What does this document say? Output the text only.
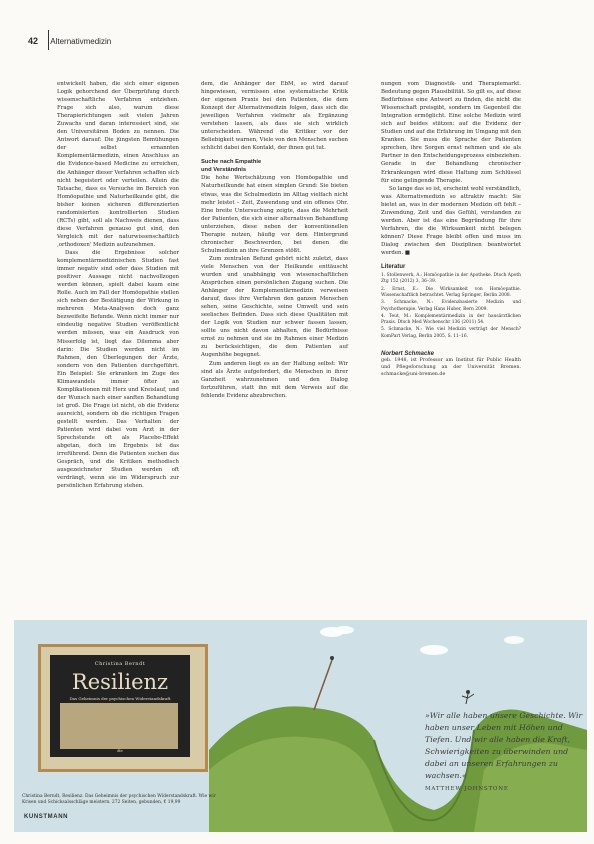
42 Alternativmedizin

entwickelt haben, die sich einer eigenen Logik gehorchend der Überprüfung durch wissenschaftliche Verfahren entziehen. Frage sich also, warum diese Therapierichtungen seit vielen Jahren Zuwachs und daran interessiert sind, sie den Universitären Boden zu nennen. Die Antwort darauf: Die jüngsten Bemühungen der selbst ernannten Komplementärmedizin, einen Anschluss an die Evidence-based Medicine zu erreichen, die Anhänger dieser Verfahren schaffen sich nicht begeistert oder verteilen. Allein die Tatsache, dass es Versuche im Bereich von Homöopathie und Naturheilkunde gibt, die bisher keinen sicheren differenzierten randomisierten kontrollierten Studien (RCTs) gibt, soll als Nachweis dienen, dass diese Verfahren genauso gut sind, den Vergleich mit der naturwissenschaftlich ‚orthodoxen' Medizin aufzunehmen.

Dass die Ergebnisse solcher komplementärmedizinischen Studien fast immer negativ sind oder dass Studien mit positiver Aussage nicht nachvollzogen werden können, spielt dabei kaum eine Rolle. Auch im Fall der Homöopathie stellen sich neben der Bestätigung der Wirkung in mehreren Meta-Analysen doch ganz bezweifelte Befunde. Wenn nicht immer nur eindeutig negative Studien veröffentlicht werden müssen, was ein Ausdruck von Misserfolg ist, liegt das Dilemma aber darin: Die Studien werden nicht im Rahmen, den Überlegungen der Ärzte, sondern von den Patienten durchgeführt. Ein Beispiel: Sie erkranken im Zuge des Klimawandels immer öfter an Komplikationen mit Herz und Kreislauf, und der Wunsch nach einer sanften Behandlung ist groß. Die Frage ist nicht, ob die Evidenz ausreicht, sondern ob die richtigen Fragen gestellt werden. Das Verhalten der Patienten wird dabei vom Arzt in der Sprechstunde oft als Placebo-Effekt abgetan, doch im Ergebnis ist das irreführend. Denn die Patienten suchen das Gespräch, und die Kritiken methodisch ausgezeichneter Studien werden oft verdrängt, wenn sie im Widerspruch zur persönlichen Erfahrung stehen.

dem, die Anhänger der EbM, so wird darauf hingewiesen, vermissen eine systematische Kritik der eigenen Praxis bei den Patienten, die dem Konzept der Alternativmedizin folgen, dass sich die jeweiligen Verfahren vielmehr als Ergänzung verstehen lassen, als dass sie sich wirklich unterscheiden. Während die Kritiker vor der Beliebigkeit warnen, Viele von den Menschen suchen schlicht dabei den Kontakt, der ihnen gut tut.

Suche nach Empathie

und Verständnis

Die hohe Wertschätzung von Homöopathie und Naturheilkunde hat einen simplen Grund: Sie bieten etwas, was die Schulmedizin im Alltag vielfach nicht mehr leistet – Zeit, Zuwendung und ein offenes Ohr. Eine breite Untersuchung zeigte, dass die Mehrheit der Patienten, die sich einer alternativen Behandlung unterziehen, diese neben der konventionellen Therapie nutzen, häufig vor dem Hintergrund chronischer Beschwerden, bei denen die Schulmedizin an ihre Grenzen stößt.

Zum zentralen Befund gehört nicht zuletzt, dass viele Menschen von der Heilkunde enttäuscht wurden und unabhängig von wissenschaftlichen Ansprüchen einen persönlichen Zugang suchen. Die Anhänger der Komplementärmedizin verweisen darauf, dass ihre Verfahren den ganzen Menschen sehen, seine Geschichte, seine Umwelt und sein seelisches Befinden. Dass sich diese Qualitäten mit der Logik von Studien nur schwer fassen lassen, sollte uns nicht davon abhalten, die Bedürfnisse ernst zu nehmen und sie im Rahmen einer Medizin zu berücksichtigen, die dem Patienten auf Augenhöhe begegnet.

Zum anderen liegt es an der Haltung selbst: Wir sind als Ärzte aufgefordert, die Menschen in ihrer Ganzheit wahrzunehmen und den Dialog fortzuführen, statt ihn mit dem Verweis auf die fehlende Evidenz abzubrechen.

nungen vom Diagnostik- und Therapiemarkt. Bedeutung gegen Plausibilität. So gilt es, auf diese Bedürfnisse eine Antwort zu finden, die nicht die Wissenschaft preisgibt, sondern im Gegenteil die Integration ermöglicht. Eine solche Medizin wird sich auf beides stützen: auf die Evidenz der Studien und auf die Erfahrung im Umgang mit den Kranken. Sie muss die Sprache der Patienten sprechen, ihre Sorgen ernst nehmen und sie als Partner in den Entscheidungsprozess einbeziehen. Gerade in der Behandlung chronischer Erkrankungen wird diese Haltung zum Schlüssel für eine gelingende Therapie.

So lange das so ist, erscheint wohl verständlich, was Alternativmedizin so attraktiv macht: Sie bietet an, was in der modernen Medizin oft fehlt – Zuwendung, Zeit und das Gefühl, verstanden zu werden. Aber ist das eine Begründung für ihre Verfahren, die die Wirksamkeit nicht belegen können? Diese Frage bleibt offen und muss im Dialog zwischen den Disziplinen beantwortet werden. ■

Literatur

1. Stollenwerk, A.: Homöopathie in der Apotheke. Dtsch Apoth Ztg 152 (2012) 3, 36–39.
2. Ernst, E.: Die Wirksamkeit von Homöopathie. Wissenschaftlich betrachtet. Verlag Springer, Berlin 2008.
3. Schmacke, N.: Evidenzbasierte Medizin und Psychotherapie. Verlag Hans Huber, Bern 2009.
4. Teut, M.: Komplementärmedizin in der hausärztlichen Praxis. Dtsch Med Wochenschr 136 (2011) 54.
5. Schmacke, N.: Wie viel Medizin verträgt der Mensch? KomPart Verlag, Berlin 2005, S. 11–16.

Norbert Schmacke

geb. 1948, ist Professor am Institut für Public Health und Pflegeforschung an der Universität Bremen. schmacke@uni-bremen.de

Christina Berndt
Resilienz
Das Geheimnis der psychischen Widerstandskraft
dtv
Christina Berndt, Resilienz. Das Geheimnis der psychischen Widerstandskraft. Wie wir Krisen und Schicksalsschläge meistern. 272 Seiten, gebunden, € 19,99
KUNSTMANN
»Wir alle haben unsere Geschichte. Wir haben unser Leben mit Höhen und Tiefen. Und wir alle haben die Kraft, Schwierigkeiten zu überwinden und dabei an unseren Erfahrungen zu wachsen.«
MATTHEW JOHNSTONE
